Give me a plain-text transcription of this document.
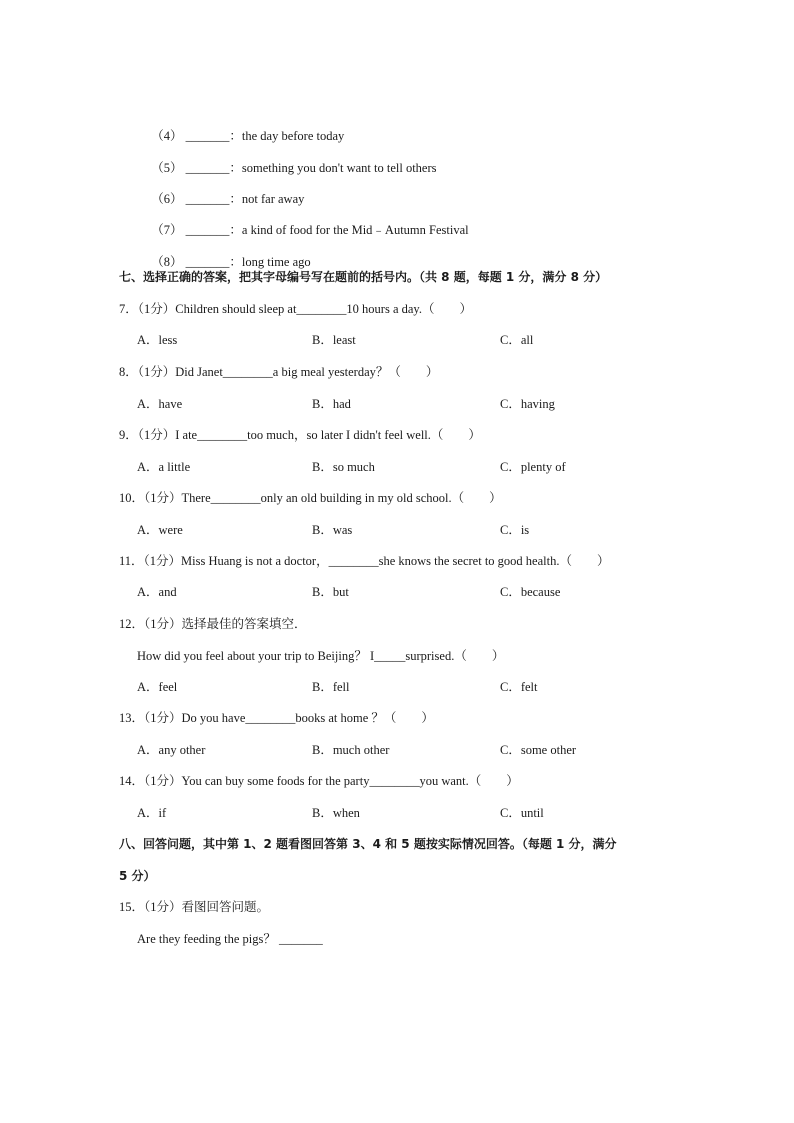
（4） _______：the day before today

（5） _______：something you don't want to tell others

（6） _______：not far away

（7） _______：a kind of food for the Mid﹣Autumn Festival

（8） _______：long time ago

七、选择正确的答案，把其字母编号写在题前的括号内。（共 8 题，每题 1 分，满分 8 分）
7．（1分）Children should sleep at________10 hours a day.（　　）
A．less	B．least	C．all
8．（1分）Did Janet________a big meal yesterday？（　　）
A．have	B．had	C．having
9．（1分）I ate________too much，so later I didn't feel well.（　　）
A．a little	B．so much	C．plenty of
10．（1分）There________only an old building in my old school.（　　）
A．were	B．was	C．is
11．（1分）Miss Huang is not a doctor，________she knows the secret to good health.（　　）
A．and	B．but	C．because
12．（1分）选择最佳的答案填空．
How did you feel about your trip to Beijing？ I_____surprised.（　　）
A．feel	B．fell	C．felt
13．（1分）Do you have________books at home ？（　　）
A．any other	B．much other	C．some other
14．（1分）You can buy some foods for the party________you want.（　　）
A．if	B．when	C．until
八、回答问题，其中第 1、2 题看图回答第 3、4 和 5 题按实际情况回答。（每题 1 分，满分
5 分）
15．（1分）看图回答问题。
Are they feeding the pigs？ _______
